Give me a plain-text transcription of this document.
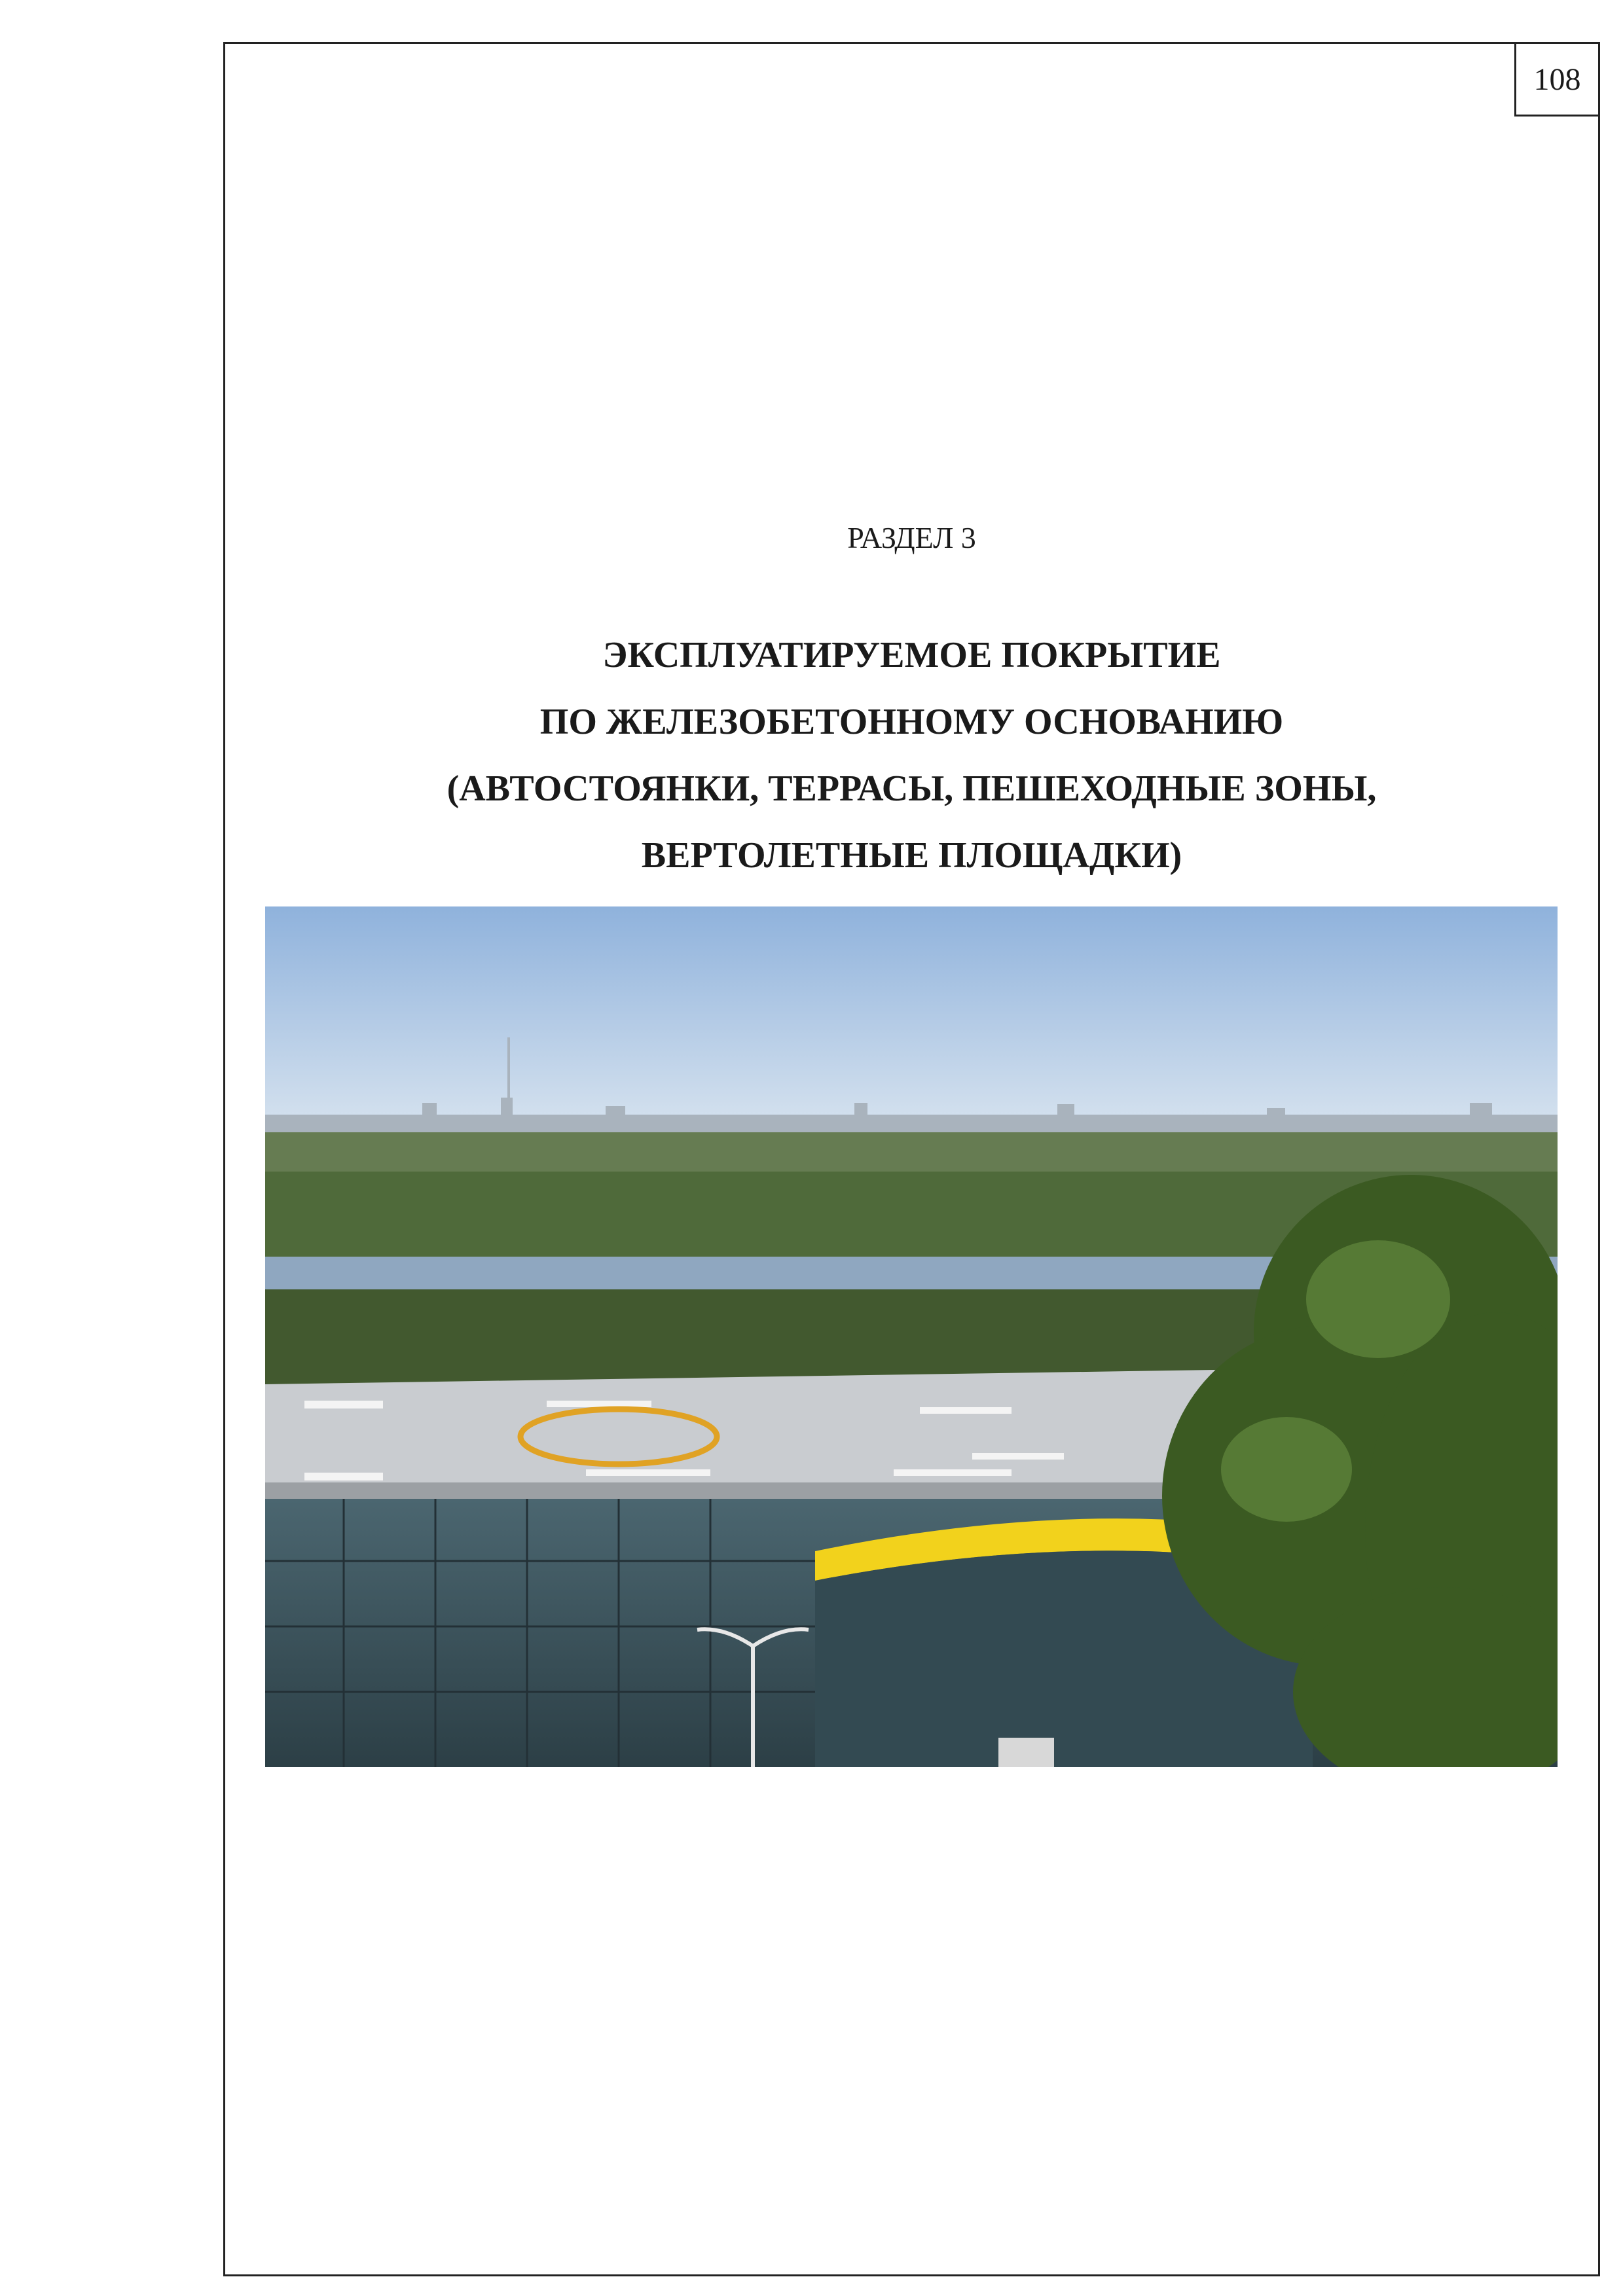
108
РАЗДЕЛ 3
ЭКСПЛУАТИРУЕМОЕ ПОКРЫТИЕ
ПО ЖЕЛЕЗОБЕТОННОМУ ОСНОВАНИЮ
(АВТОСТОЯНКИ, ТЕРРАСЫ, ПЕШЕХОДНЫЕ ЗОНЫ,
ВЕРТОЛЕТНЫЕ ПЛОЩАДКИ)
